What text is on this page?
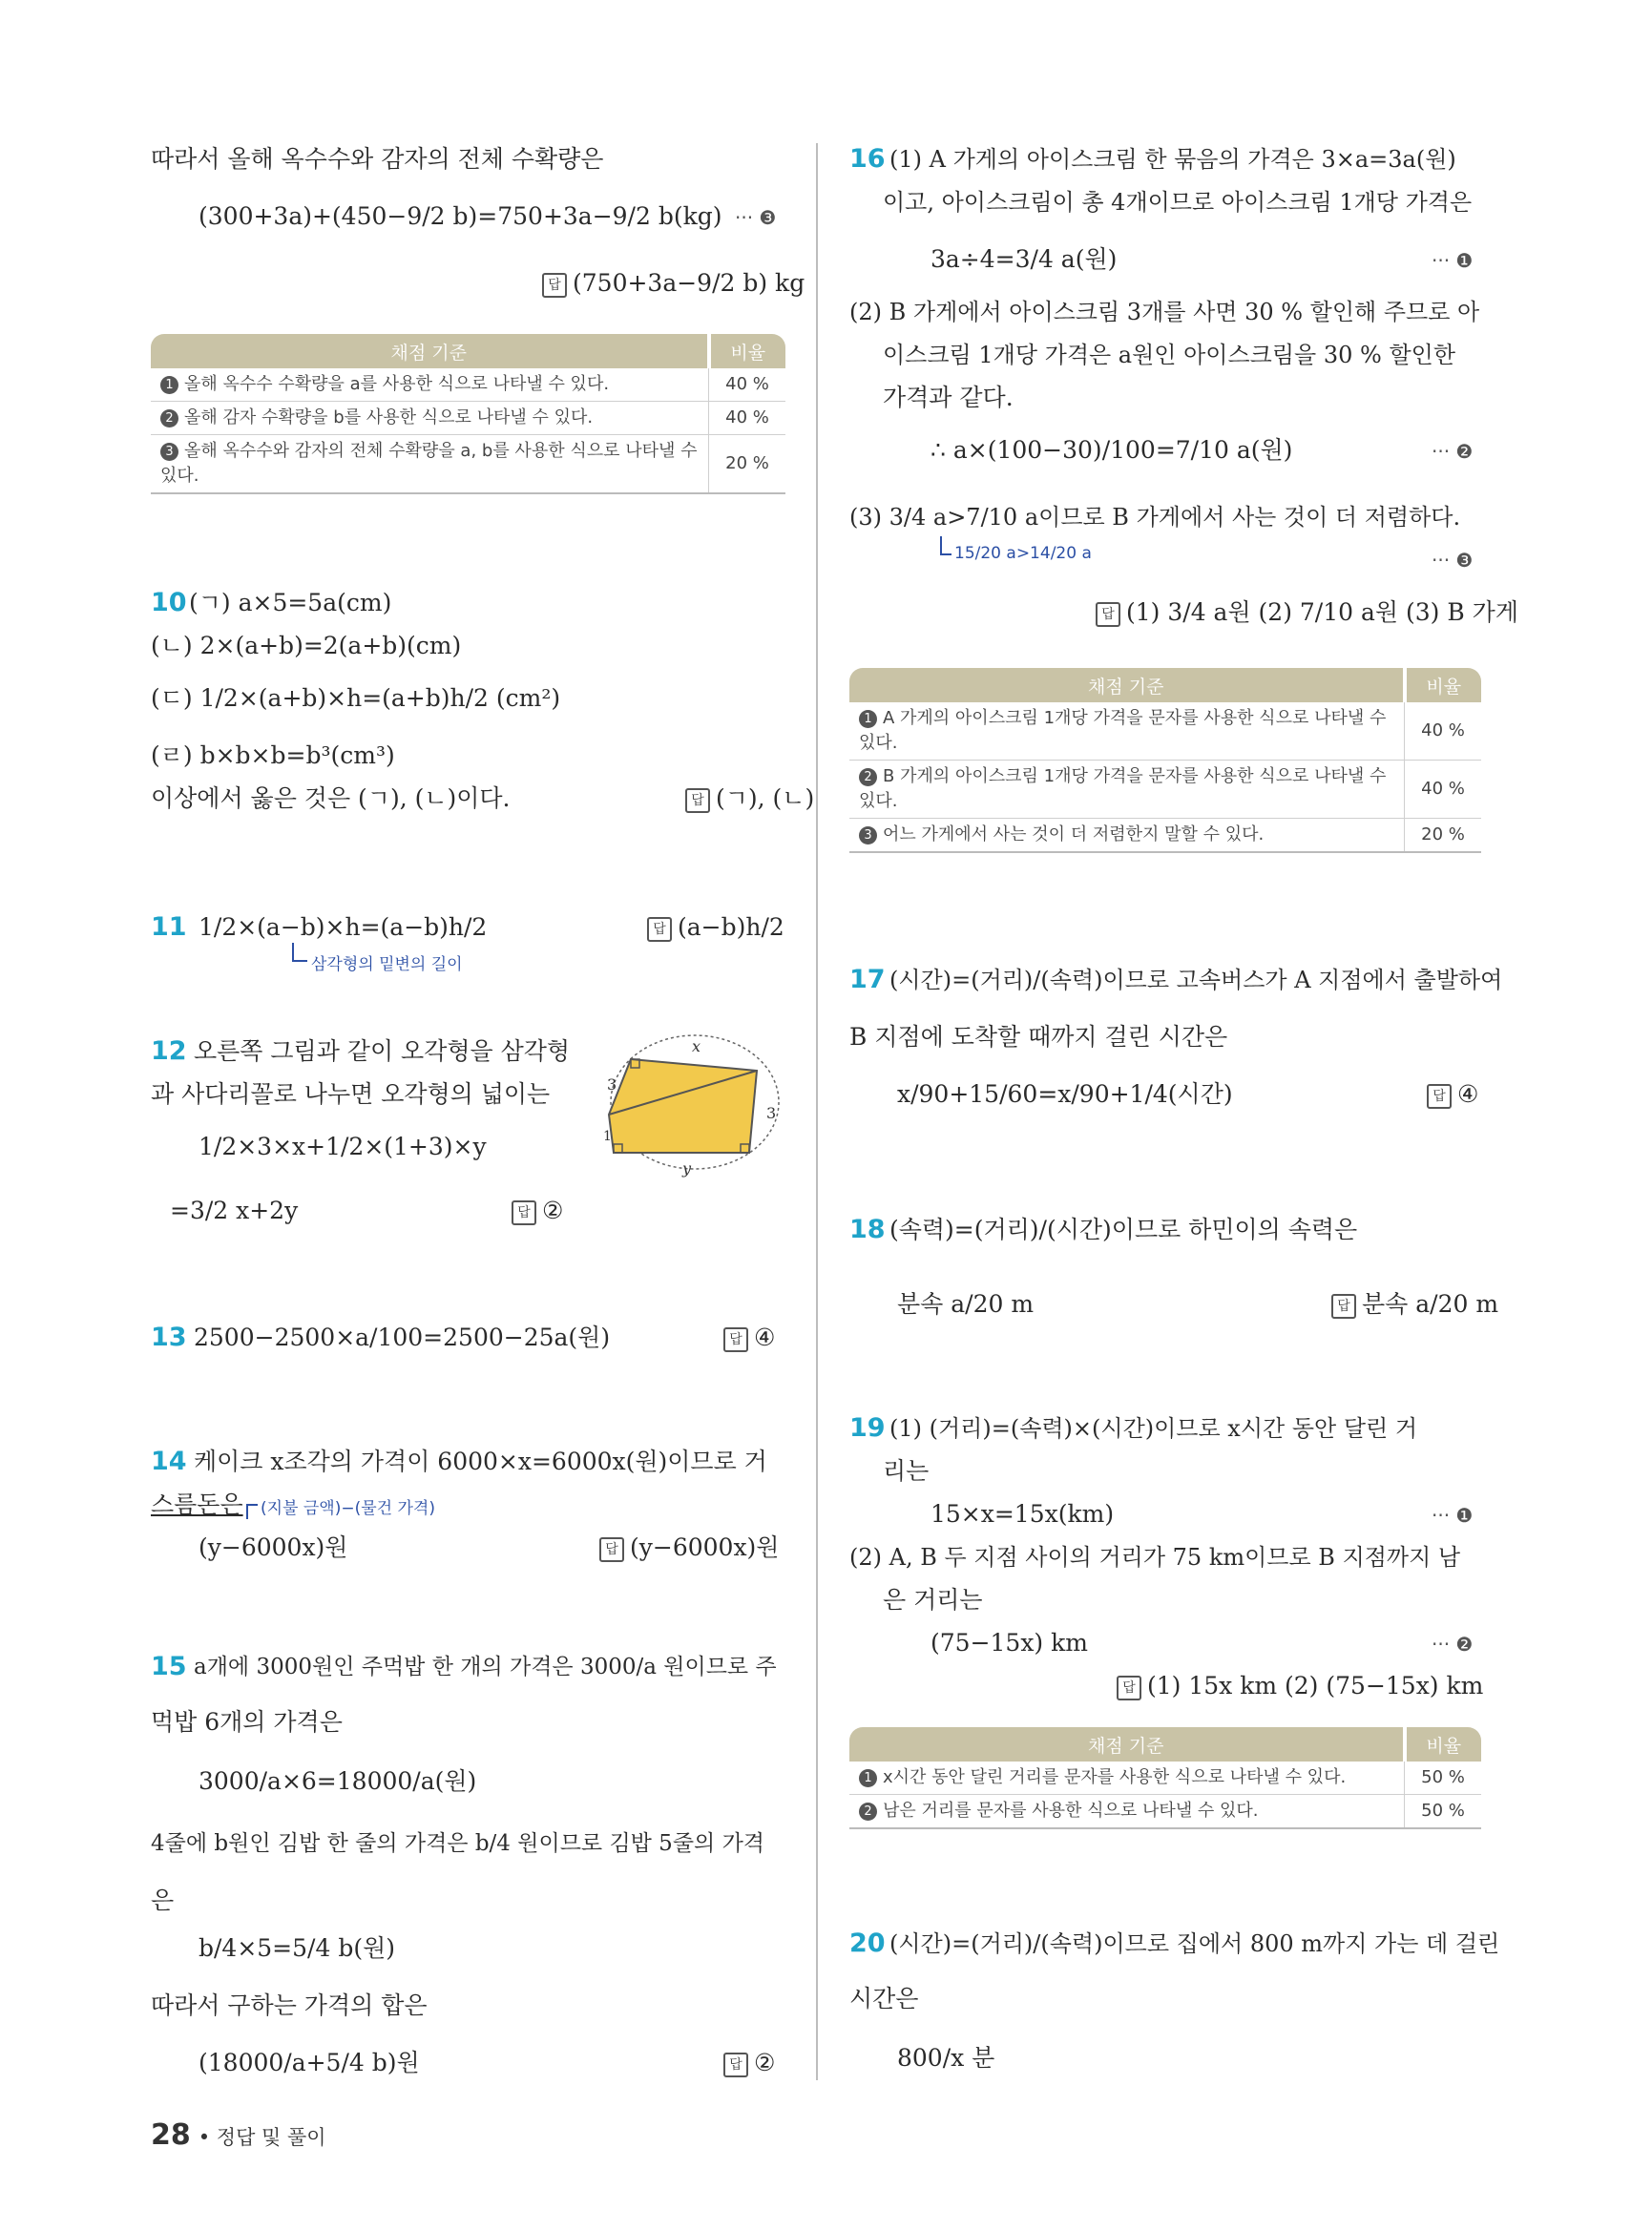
따라서 올해 옥수수와 감자의 전체 수확량은
(300+3a)+(450−9/2 b)=750+3a−9/2 b(kg) ··· ❸
답 (750+3a−9/2 b) kg
채점 기준	비율
1 올해 옥수수 수확량을 a를 사용한 식으로 나타낼 수 있다.	40 %
2 올해 감자 수확량을 b를 사용한 식으로 나타낼 수 있다.	40 %
3 올해 옥수수와 감자의 전체 수확량을 a, b를 사용한 식으로 나타낼 수 있다.	20 %
10 (ㄱ) a×5=5a(cm)
(ㄴ) 2×(a+b)=2(a+b)(cm)
(ㄷ) 1/2×(a+b)×h=(a+b)h/2 (cm²)
(ㄹ) b×b×b=b³(cm³)
이상에서 옳은 것은 (ㄱ), (ㄴ)이다.	답 (ㄱ), (ㄴ)
11 1/2×(a−b)×h=(a−b)h/2
삼각형의 밑변의 길이
답 (a−b)h/2
12 오른쪽 그림과 같이 오각형을 삼각형
과 사다리꼴로 나누면 오각형의 넓이는
1/2×3×x+1/2×(1+3)×y
=3/2 x+2y	답 ②
x
3
3
y
1
13 2500−2500×a/100=2500−25a(원)	답 ④
14 케이크 x조각의 가격이 6000×x=6000x(원)이므로 거
스름돈은 (지불 금액)−(물건 가격)
(y−6000x)원	답 (y−6000x)원
15 a개에 3000원인 주먹밥 한 개의 가격은 3000/a 원이므로 주
먹밥 6개의 가격은
3000/a×6=18000/a(원)
4줄에 b원인 김밥 한 줄의 가격은 b/4 원이므로 김밥 5줄의 가격
은
b/4×5=5/4 b(원)
따라서 구하는 가격의 합은
(18000/a+5/4 b)원	답 ②
16 (1) A 가게의 아이스크림 한 묶음의 가격은 3×a=3a(원)
이고, 아이스크림이 총 4개이므로 아이스크림 1개당 가격은
3a÷4=3/4 a(원)	··· ❶
(2) B 가게에서 아이스크림 3개를 사면 30 % 할인해 주므로 아
이스크림 1개당 가격은 a원인 아이스크림을 30 % 할인한
가격과 같다.
∴ a×(100−30)/100=7/10 a(원)	··· ❷
(3) 3/4 a>7/10 a이므로 B 가게에서 사는 것이 더 저렴하다.
15/20 a>14/20 a	··· ❸
답 (1) 3/4 a원 (2) 7/10 a원 (3) B 가게
채점 기준	비율
1 A 가게의 아이스크림 1개당 가격을 문자를 사용한 식으로 나타낼 수 있다.	40 %
2 B 가게의 아이스크림 1개당 가격을 문자를 사용한 식으로 나타낼 수 있다.	40 %
3 어느 가게에서 사는 것이 더 저렴한지 말할 수 있다.	20 %
17 (시간)=(거리)/(속력)이므로 고속버스가 A 지점에서 출발하여
B 지점에 도착할 때까지 걸린 시간은
x/90+15/60=x/90+1/4(시간)	답 ④
18 (속력)=(거리)/(시간)이므로 하민이의 속력은
분속 a/20 m	답 분속 a/20 m
19 (1) (거리)=(속력)×(시간)이므로 x시간 동안 달린 거
리는
15×x=15x(km)	··· ❶
(2) A, B 두 지점 사이의 거리가 75 km이므로 B 지점까지 남
은 거리는
(75−15x) km	··· ❷
답 (1) 15x km (2) (75−15x) km
채점 기준	비율
1 x시간 동안 달린 거리를 문자를 사용한 식으로 나타낼 수 있다.	50 %
2 남은 거리를 문자를 사용한 식으로 나타낼 수 있다.	50 %
20 (시간)=(거리)/(속력)이므로 집에서 800 m까지 가는 데 걸린
시간은
800/x 분
28 • 정답 및 풀이
